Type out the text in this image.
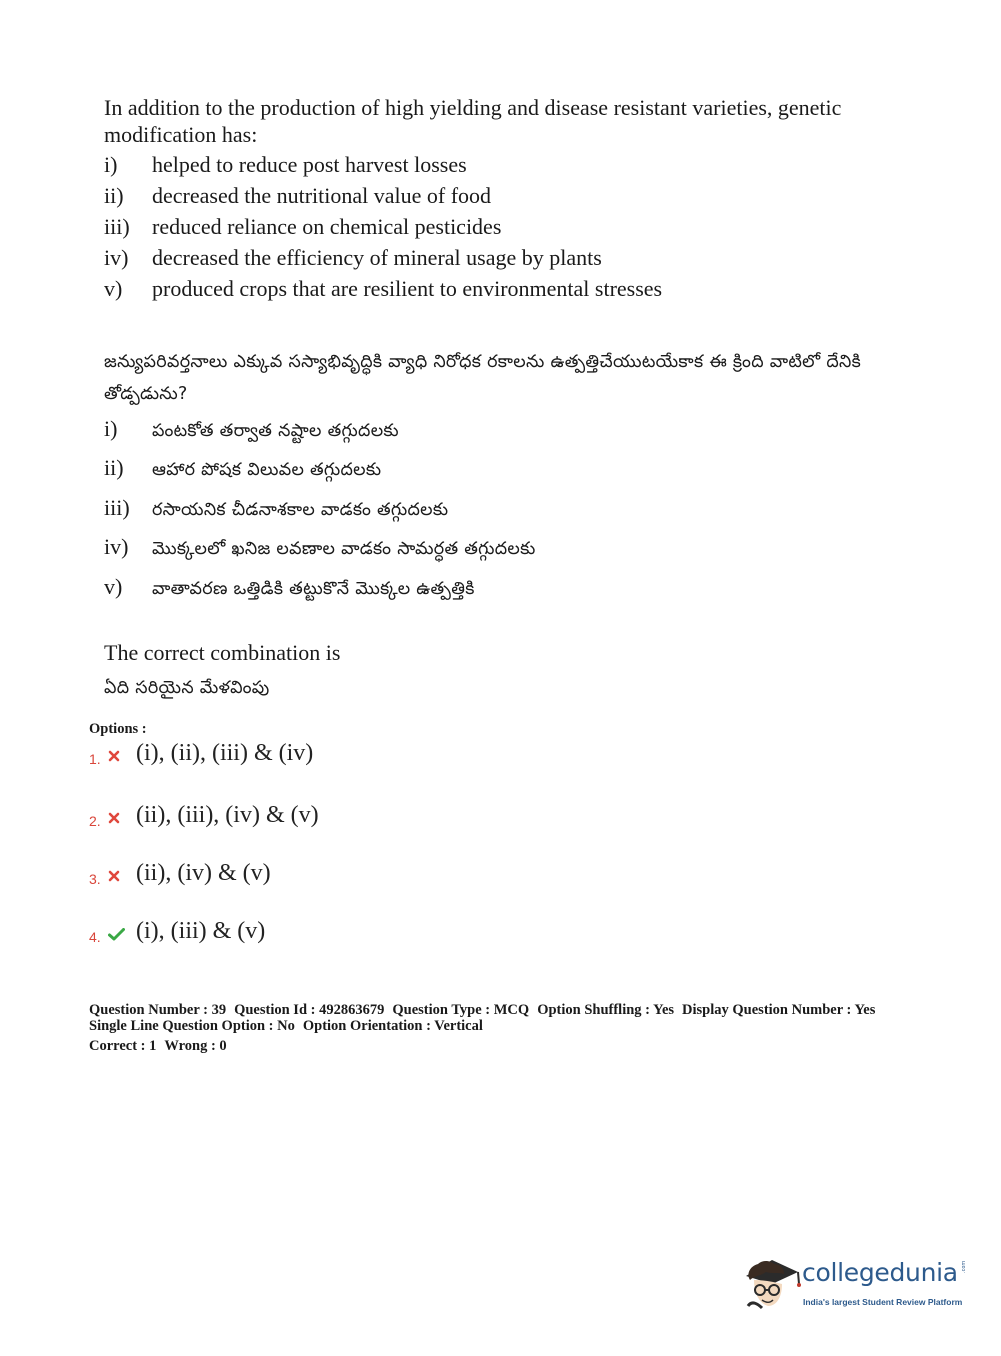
In addition to the production of high yielding and disease resistant varieties, genetic modification has:
i)	helped to reduce post harvest losses
ii)	decreased the nutritional value of food
iii)	reduced reliance on chemical pesticides
iv)	decreased the efficiency of mineral usage by plants
v)	produced crops that are resilient to environmental stresses
జన్యుపరివర్తనాలు ఎక్కువ సస్యాభివృద్ధికి వ్యాధి నిరోధక రకాలను ఉత్పత్తిచేయుటయేకాక ఈ క్రింది వాటిలో దేనికి తోడ్పడును?
i)	పంటకోత తర్వాత నష్టాల తగ్గుదలకు
ii)	ఆహార పోషక విలువల తగ్గుదలకు
iii)	రసాయనిక చీడనాశకాల వాడకం తగ్గుదలకు
iv)	మొక్కలలో ఖనిజ లవణాల వాడకం సామర్ధత తగ్గుదలకు
v)	వాతావరణ ఒత్తిడికి తట్టుకొనే మొక్కల ఉత్పత్తికి
The correct combination is
ఏది సరియైన మేళవింపు
Options :
1.	(i), (ii), (iii) & (iv)
2.	(ii), (iii), (iv) & (v)
3.	(ii), (iv) & (v)
4.	(i), (iii) & (v)
Question Number : 39 Question Id : 492863679 Question Type : MCQ Option Shuffling : Yes Display Question Number : Yes
Single Line Question Option : No Option Orientation : Vertical
Correct : 1 Wrong : 0
collegedunia .com
India's largest Student Review Platform
